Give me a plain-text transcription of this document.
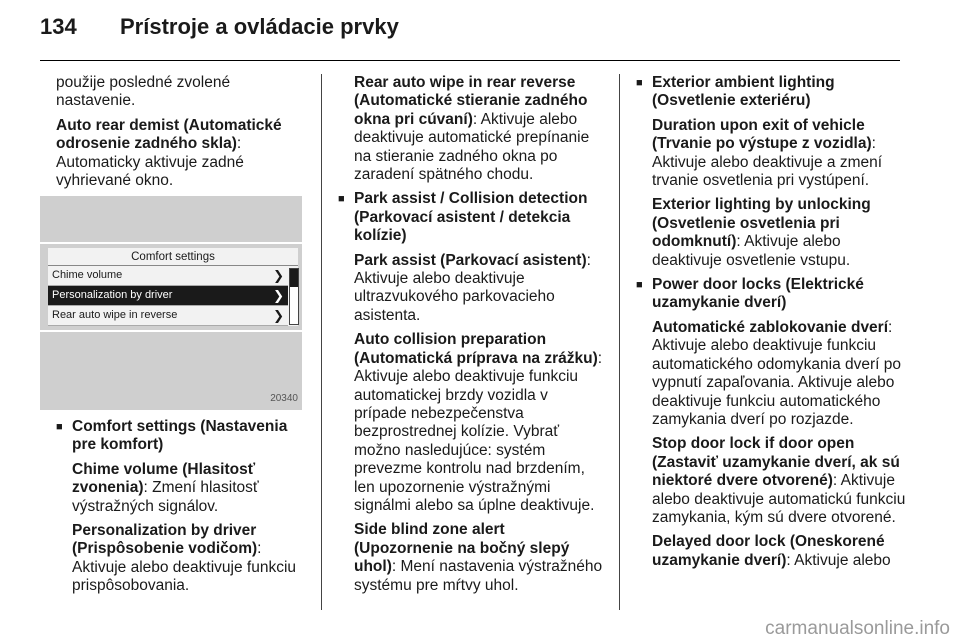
134 Prístroje a ovládacie prvky

použije posledné zvolené nastavenie.

Auto rear demist (Automatické odrosenie zadného skla): Automaticky aktivuje zadné vyhrievané okno.

Comfort settings
Chime volume	❯
Personalization by driver	❯
Rear auto wipe in reverse	❯
20340

■ Comfort settings (Nastavenia pre komfort)

Chime volume (Hlasitosť zvonenia): Zmení hlasitosť výstražných signálov.

Personalization by driver (Prispôsobenie vodičom): Aktivuje alebo deaktivuje funkciu prispôsobovania.

Rear auto wipe in rear reverse (Automatické stieranie zadného okna pri cúvaní): Aktivuje alebo deaktivuje automatické prepínanie na stieranie zadného okna po zaradení spätného chodu.

■ Park assist / Collision detection (Parkovací asistent / detekcia kolízie)

Park assist (Parkovací asistent): Aktivuje alebo deaktivuje ultrazvukového parkovacieho asistenta.

Auto collision preparation (Automatická príprava na zrážku): Aktivuje alebo deaktivuje funkciu automatickej brzdy vozidla v prípade nebezpečenstva bezprostrednej kolízie. Vybrať možno nasledujúce: systém prevezme kontrolu nad brzdením, len upozornenie výstražnými signálmi alebo sa úplne deaktivuje.

Side blind zone alert (Upozornenie na bočný slepý uhol): Mení nastavenia výstražného systému pre mŕtvy uhol.

■ Exterior ambient lighting (Osvetlenie exteriéru)

Duration upon exit of vehicle (Trvanie po výstupe z vozidla): Aktivuje alebo deaktivuje a zmení trvanie osvetlenia pri vystúpení.

Exterior lighting by unlocking (Osvetlenie osvetlenia pri odomknutí): Aktivuje alebo deaktivuje osvetlenie vstupu.

■ Power door locks (Elektrické uzamykanie dverí)

Automatické zablokovanie dverí: Aktivuje alebo deaktivuje funkciu automatického odomykania dverí po vypnutí zapaľovania. Aktivuje alebo deaktivuje funkciu automatického zamykania dverí po rozjazde.

Stop door lock if door open (Zastaviť uzamykanie dverí, ak sú niektoré dvere otvorené): Aktivuje alebo deaktivuje automatickú funkciu zamykania, kým sú dvere otvorené.

Delayed door lock (Oneskorené uzamykanie dverí): Aktivuje alebo

carmanualsonline.info
